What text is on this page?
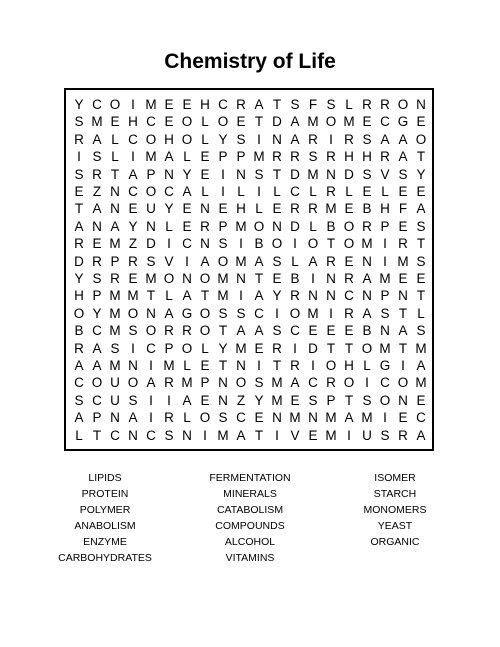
Chemistry of Life
Y C O I M E E H C R A T S F S L R R O N
S M E H C E O L O E T D A M O M E C G E
R A L C O H O L Y S I N A R I R S A A O
I S L I M A L E P P M R R S R H H R A T
S R T A P N Y E I N S T D M N D S V S Y
E Z N C O C A L I L I L C L R L E L E E
T A N E U Y E N E H L E R R M E B H F A
A N A Y N L E R P M O N D L B O R P E S
R E M Z D I C N S I B O I O T O M I R T
D R P R S V I A O M A S L A R E N I M S
Y S R E M O N O M N T E B I N R A M E E
H P M M T L A T M I A Y R N N C N P N T
O Y M O N A G O S S C I O M I R A S T L
B C M S O R R O T A A S C E E E B N A S
R A S I C P O L Y M E R I D T T O M T M
A A M N I M L E T N I T R I O H L G I A
C O U O A R M P N O S M A C R O I C O M
S C U S I	I A E N Z Y M E S P T S O N E
A P N A I R L O S C E N M N M A M I E C
L T C N C S N I M A T I V E M I U S R A
LIPIDS
PROTEIN
POLYMER
ANABOLISM
ENZYME
CARBOHYDRATES
FERMENTATION
MINERALS
CATABOLISM
COMPOUNDS
ALCOHOL
VITAMINS
ISOMER
STARCH
MONOMERS
YEAST
ORGANIC
